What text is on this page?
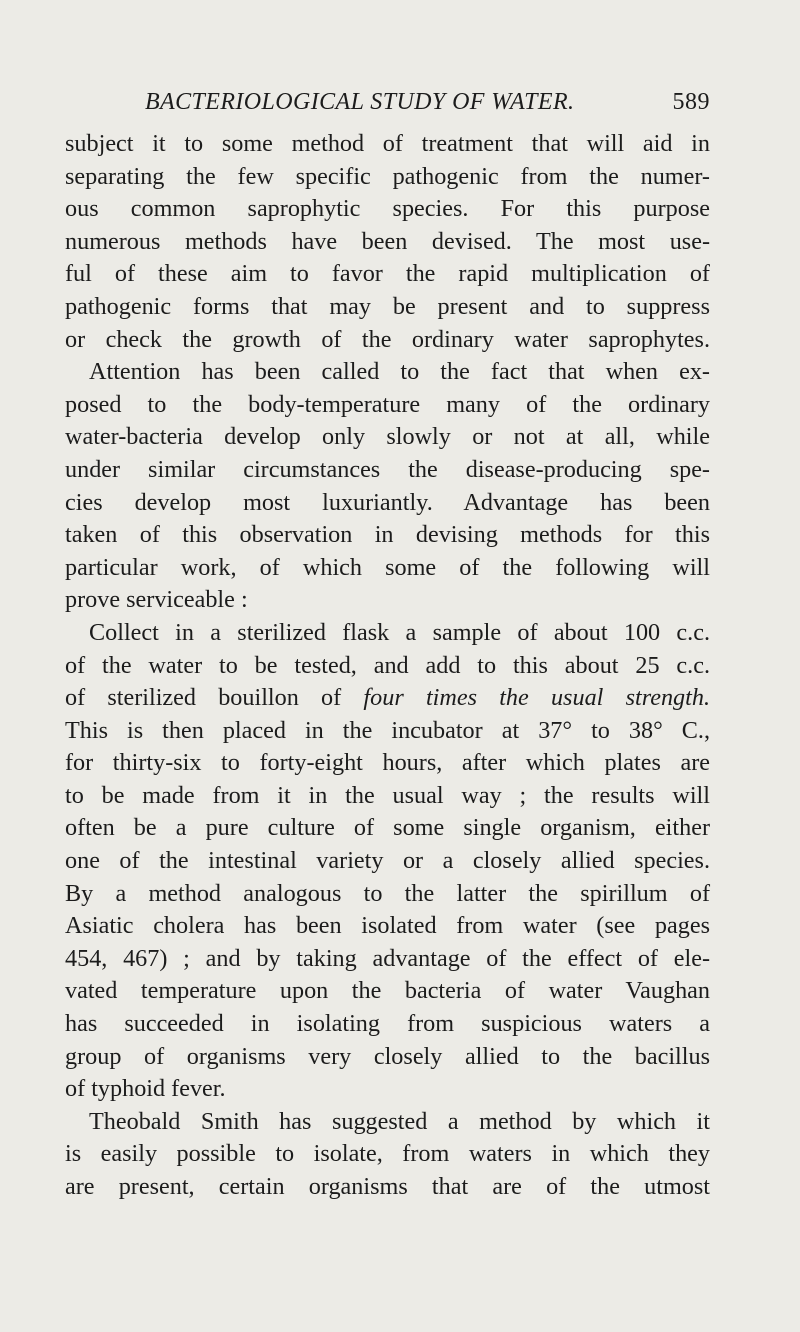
BACTERIOLOGICAL STUDY OF WATER.	589
subject it to some method of treatment that will aid in
separating the few specific pathogenic from the numer-
ous common saprophytic species. For this purpose
numerous methods have been devised. The most use-
ful of these aim to favor the rapid multiplication of
pathogenic forms that may be present and to suppress
or check the growth of the ordinary water saprophytes.
Attention has been called to the fact that when ex-
posed to the body-temperature many of the ordinary
water-bacteria develop only slowly or not at all, while
under similar circumstances the disease-producing spe-
cies develop most luxuriantly. Advantage has been
taken of this observation in devising methods for this
particular work, of which some of the following will
prove serviceable :
Collect in a sterilized flask a sample of about 100 c.c.
of the water to be tested, and add to this about 25 c.c.
of sterilized bouillon of four times the usual strength.
This is then placed in the incubator at 37° to 38° C.,
for thirty-six to forty-eight hours, after which plates are
to be made from it in the usual way ; the results will
often be a pure culture of some single organism, either
one of the intestinal variety or a closely allied species.
By a method analogous to the latter the spirillum of
Asiatic cholera has been isolated from water (see pages
454, 467) ; and by taking advantage of the effect of ele-
vated temperature upon the bacteria of water Vaughan
has succeeded in isolating from suspicious waters a
group of organisms very closely allied to the bacillus
of typhoid fever.
Theobald Smith has suggested a method by which it
is easily possible to isolate, from waters in which they
are present, certain organisms that are of the utmost
